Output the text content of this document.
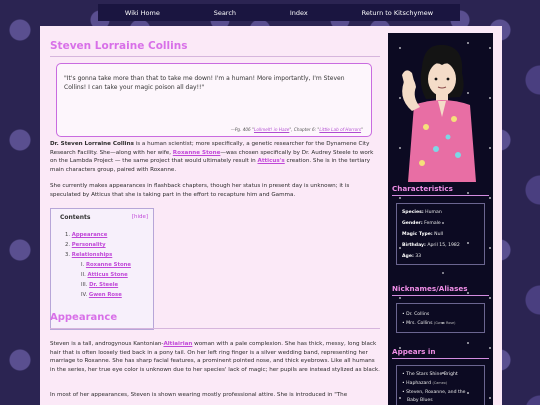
Wiki Home	Search	Index	Return to Kitschymew
Steven Lorraine Collins
"It's gonna take more than that to take me down! I'm a human! More importantly, I'm Steven Collins! I can take your magic poison all day!!"
—Pg. 406 "Lollmelt! in Haze", Chapter 6: "Little Lab of Horrors"
Dr. Steven Lorraine Collins is a human scientist; more specifically, a genetic researcher for the Dynamene City Research Facility. She—along with her wife, Roxanne Stone—was chosen specifically by Dr. Audrey Steele to work on the Lambda Project — the same project that would ultimately result in Atticus's creation. She is in the tertiary main characters group, paired with Roxanne.
She currently makes appearances in flashback chapters, though her status in present day is unknown; it is speculated by Atticus that she is taking part in the effort to recapture him and Gamma.
Contents	[hide]
1. Appearance
2. Personality
3. Relationships
I. Roxanne Stone
II. Atticus Stone
III. Dr. Steele
IV. Gwen Rose
Appearance
Steven is a tall, androgynous Kantonian-Altiairian woman with a pale complexion. She has thick, messy, long black hair that is often loosely tied back in a pony tail. On her left ring finger is a silver wedding band, representing her marriage to Roxanne. She has sharp facial features, a prominent pointed nose, and thick eyebrows. Like all humans in the series, her true eye color is unknown due to her species' lack of magic; her pupils are instead stylized as black.
In most of her appearances, Steven is shown wearing mostly professional attire. She is introduced in "The
Characteristics
Species: Human
Gender: Female
Magic Type: Null
Birthday: April 15, 1982
Age: 33
Nicknames/Aliases
• Dr. Collins
• Mrs. Collins (Gwen Rose)
Appears in
• The Stars Shine Bright
• Haphazard (Cameo)
• Steven, Roxanne, and the
Baby Blues
